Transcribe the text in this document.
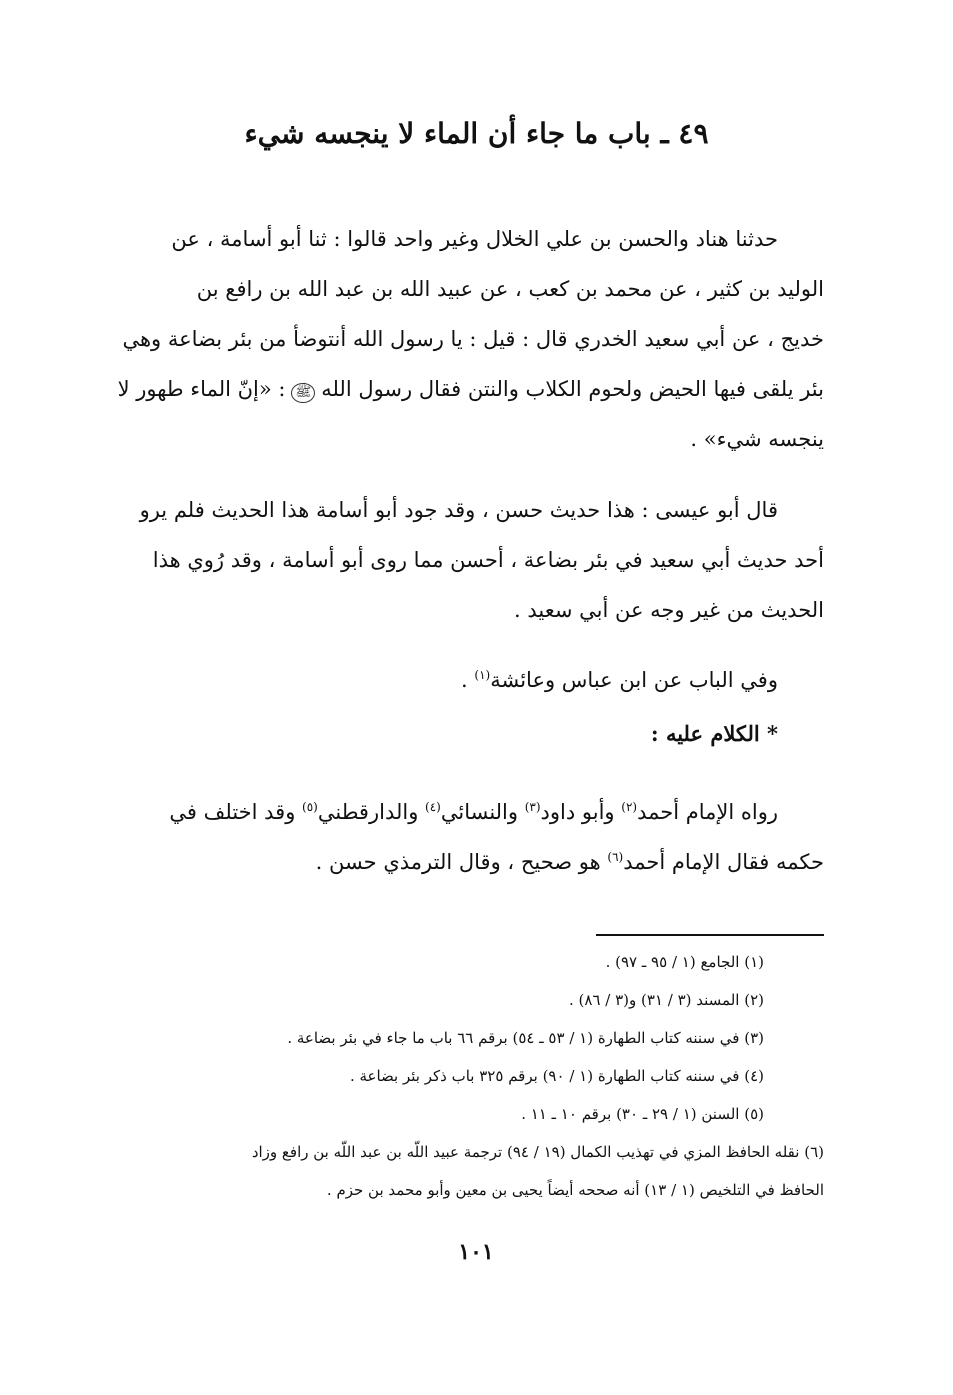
٤٩ ـ باب ما جاء أن الماء لا ينجسه شيء
حدثنا هناد والحسن بن علي الخلال وغير واحد قالوا : ثنا أبو أسامة ، عن
الوليد بن كثير ، عن محمد بن كعب ، عن عبيد الله بن عبد الله بن رافع بن
خديج ، عن أبي سعيد الخدري قال : قيل : يا رسول الله أنتوضأ من بئر بضاعة وهي
بئر يلقى فيها الحيض ولحوم الكلاب والنتن فقال رسول اللهﷺ: «إنّ الماء طهور لا
ينجسه شيء» .
قال أبو عيسى : هذا حديث حسن ، وقد جود أبو أسامة هذا الحديث فلم يرو
أحد حديث أبي سعيد في بئر بضاعة ، أحسن مما روى أبو أسامة ، وقد رُوي هذا
الحديث من غير وجه عن أبي سعيد .
وفي الباب عن ابن عباس وعائشة$^{(١)}$ .
* الكلام عليه :
رواه الإمام أحمد$^{(٢)}$ وأبو داود$^{(٣)}$ والنسائي$^{(٤)}$ والدارقطني$^{(٥)}$ وقد اختلف في
حكمه فقال الإمام أحمد$^{(٦)}$ هو صحيح ، وقال الترمذي حسن .
(١) الجامع (١ / ٩٥ ـ ٩٧) .
(٢) المسند (٣ / ٣١) و(٣ / ٨٦) .
(٣) في سننه كتاب الطهارة (١ / ٥٣ ـ ٥٤) برقم ٦٦ باب ما جاء في بئر بضاعة .
(٤) في سننه كتاب الطهارة (١ / ٩٠) برقم ٣٢٥ باب ذكر بئر بضاعة .
(٥) السنن (١ / ٢٩ ـ ٣٠) برقم ١٠ ـ ١١ .
(٦) نقله الحافظ المزي في تهذيب الكمال (١٩ / ٩٤) ترجمة عبيد اللّه بن عبد اللّه بن رافع وزاد
الحافظ في التلخيص (١ / ١٣) أنه صححه أيضاً يحيى بن معين وأبو محمد بن حزم .
١٠١
